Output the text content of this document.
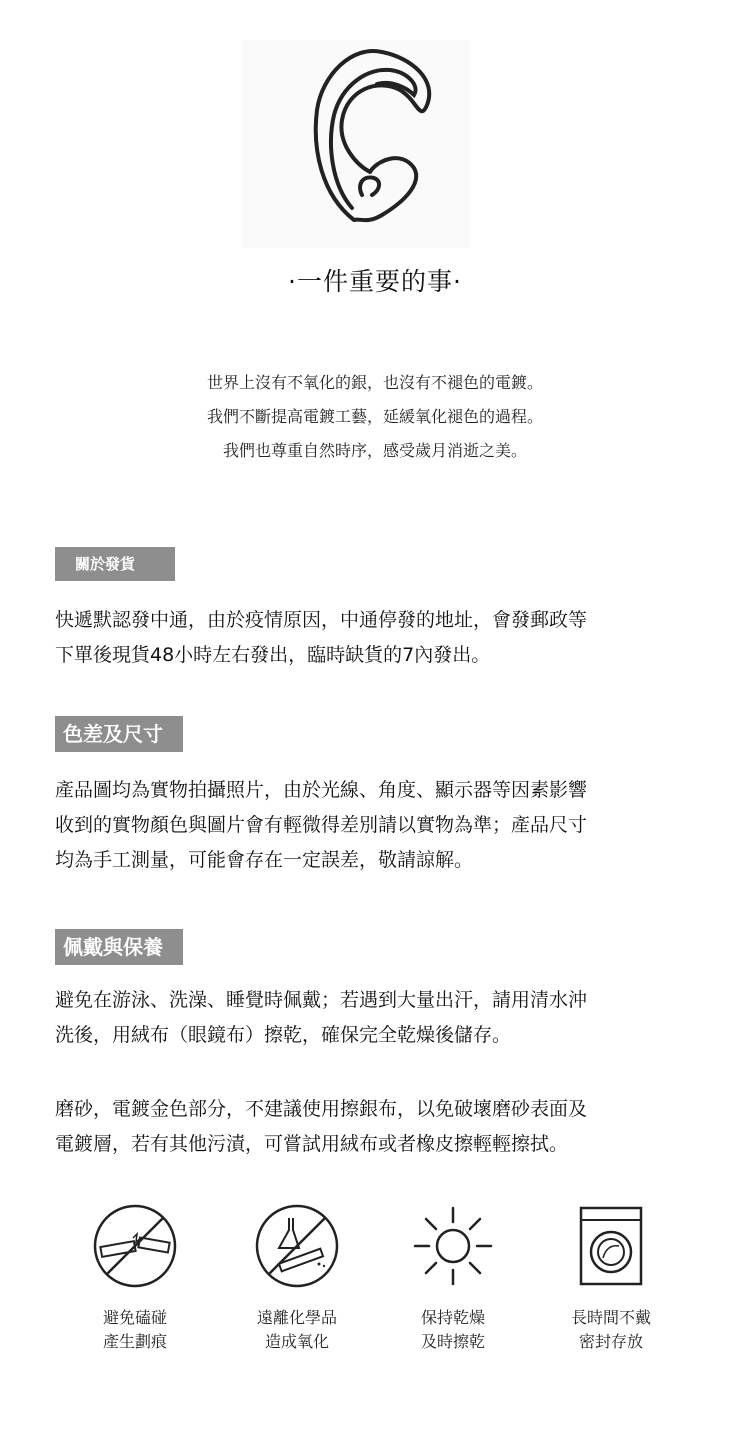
·一件重要的事·
世界上沒有不氧化的銀，也沒有不褪色的電鍍。
我們不斷提高電鍍工藝，延緩氧化褪色的過程。
我們也尊重自然時序，感受歲月消逝之美。
關於發貨
快遞默認發中通，由於疫情原因，中通停發的地址，會發郵政等
下單後現貨48小時左右發出，臨時缺貨的7內發出。
色差及尺寸
產品圖均為實物拍攝照片，由於光線、角度、顯示器等因素影響
收到的實物顏色與圖片會有輕微得差別請以實物為準；產品尺寸
均為手工測量，可能會存在一定誤差，敬請諒解。
佩戴與保養
避免在游泳、洗澡、睡覺時佩戴；若遇到大量出汗，請用清水沖
洗後，用絨布（眼鏡布）擦乾，確保完全乾燥後儲存。
磨砂，電鍍金色部分，不建議使用擦銀布，以免破壞磨砂表面及
電鍍層，若有其他污漬，可嘗試用絨布或者橡皮擦輕輕擦拭。
避免磕碰
產生劃痕
遠離化學品
造成氧化
保持乾燥
及時擦乾
長時間不戴
密封存放
